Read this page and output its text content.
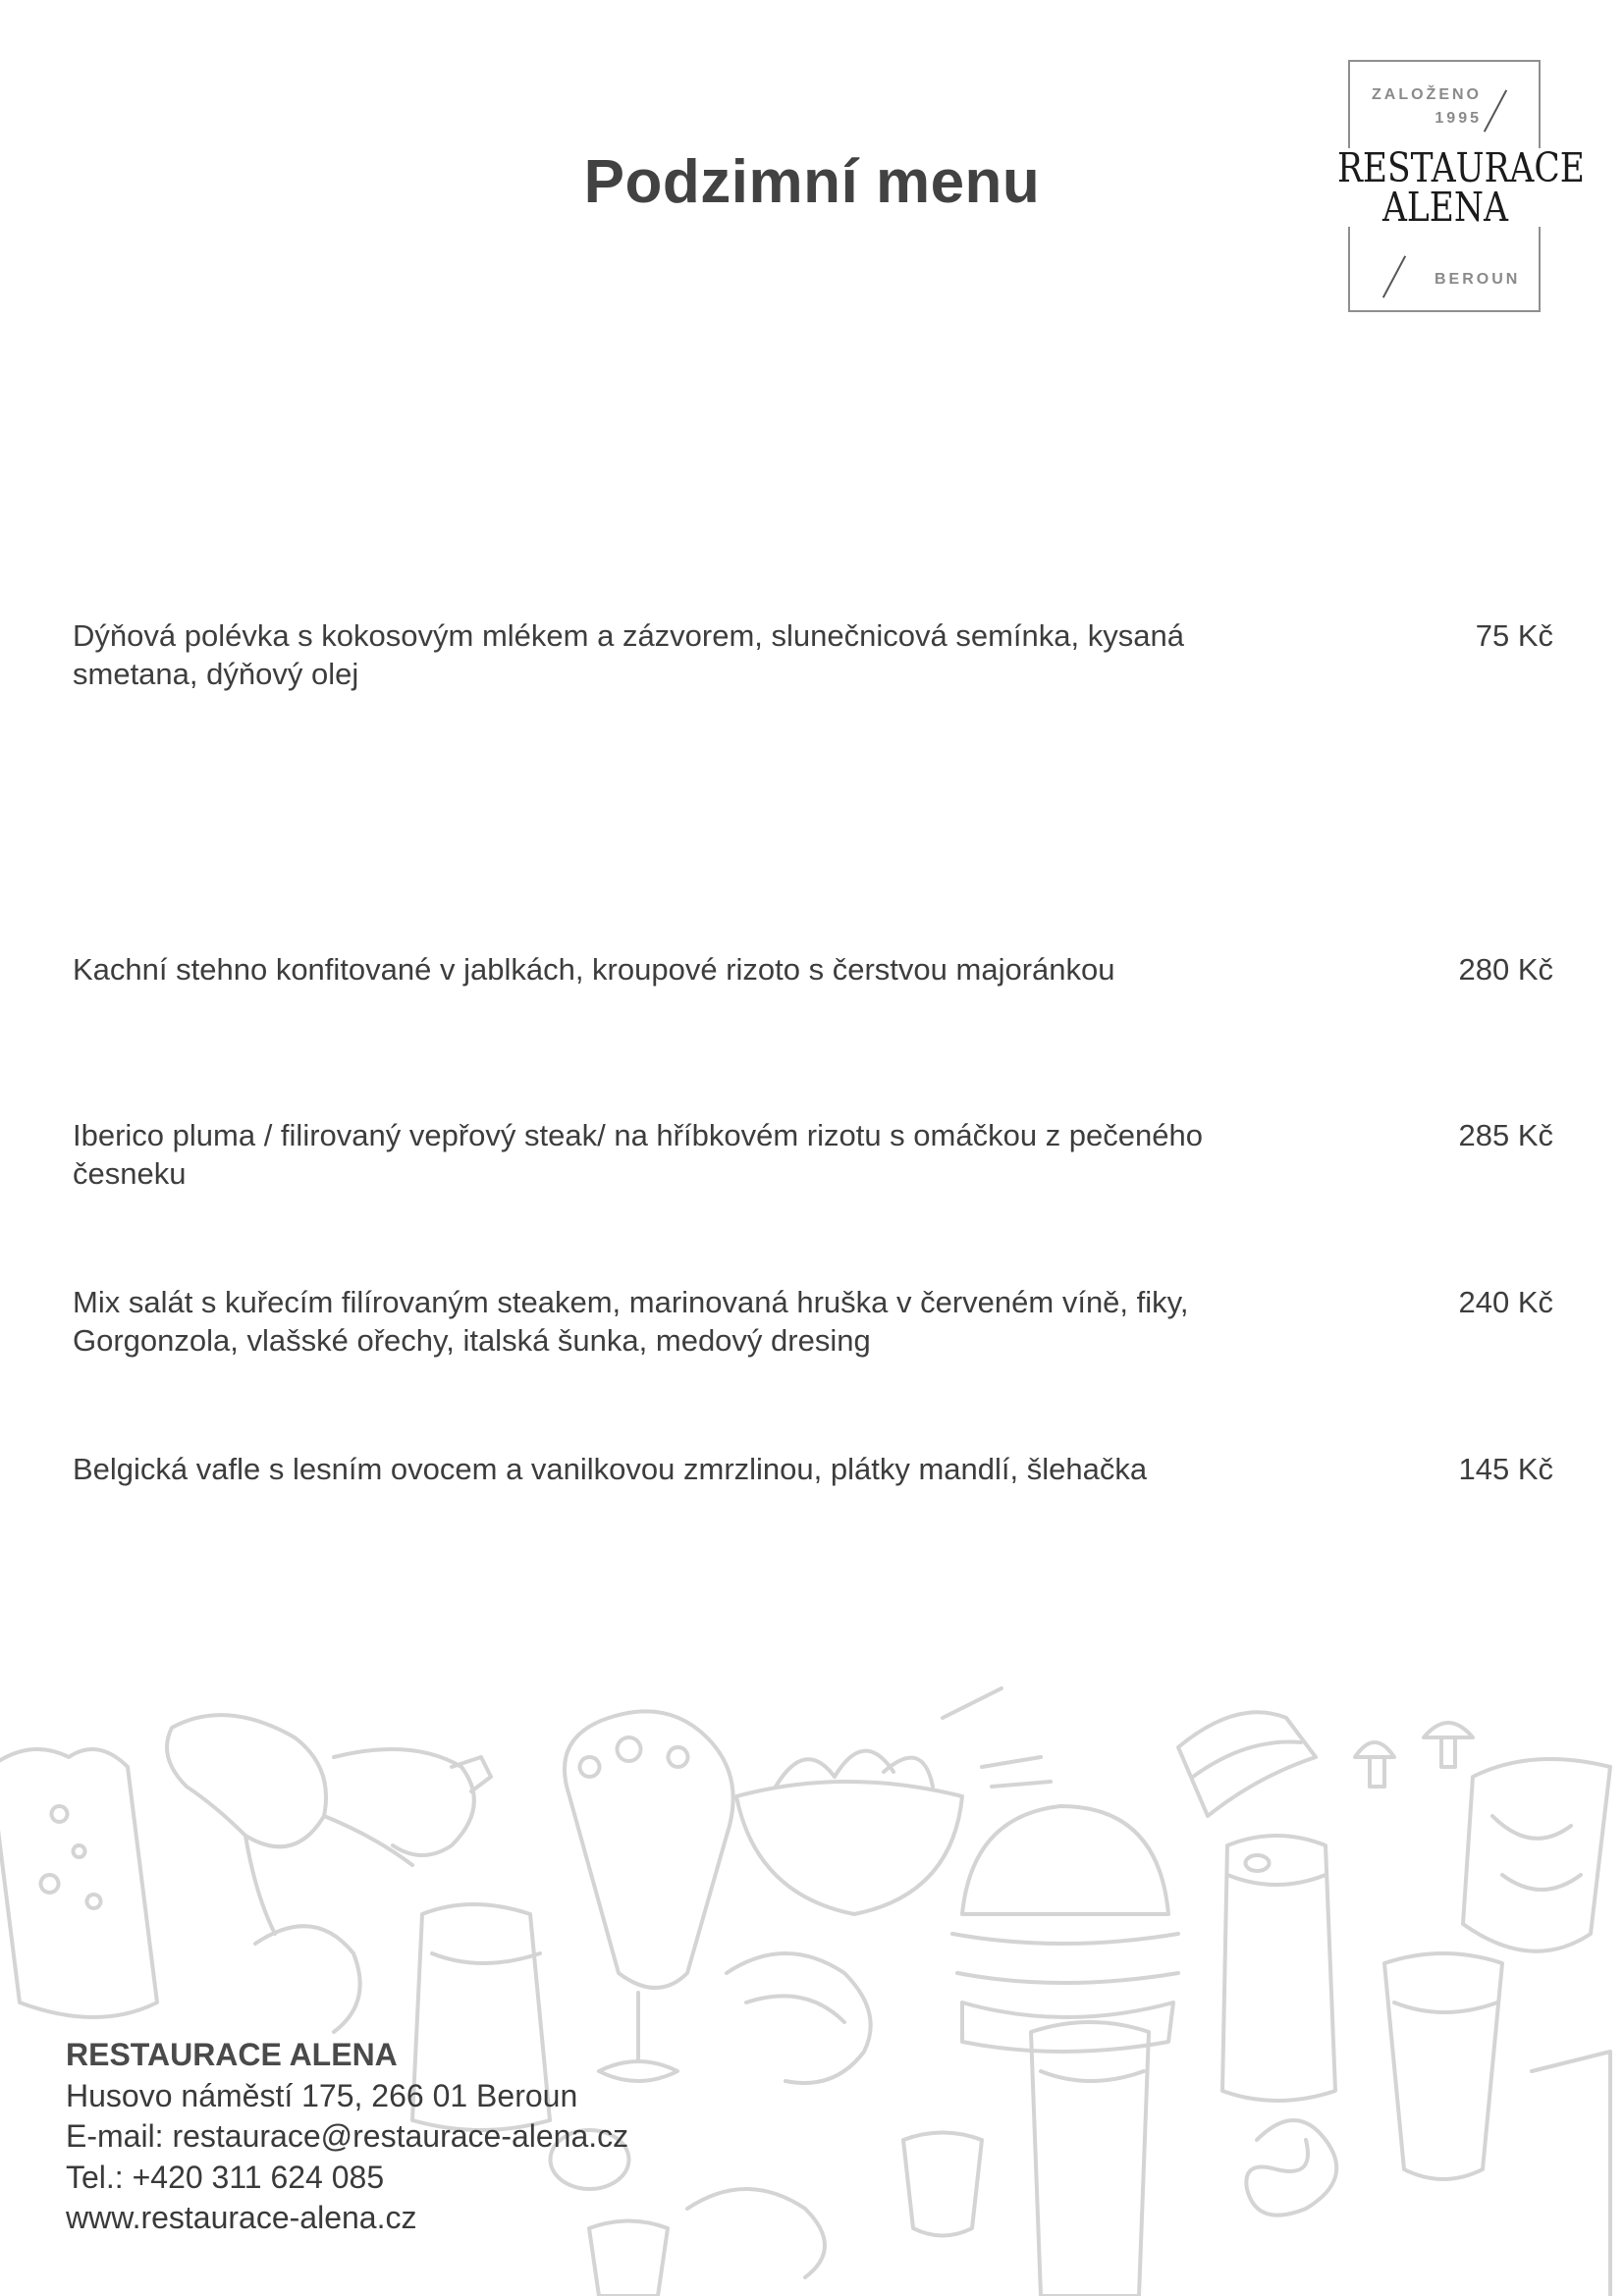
Podzimní menu
ZALOŽENO
1995
RESTAURACE
ALENA
BEROUN
Dýňová polévka s kokosovým mlékem a zázvorem, slunečnicová semínka, kysaná smetana, dýňový olej
75 Kč
Kachní stehno konfitované v jablkách, kroupové rizoto s čerstvou majoránkou	280 Kč
Iberico pluma / filirovaný vepřový steak/ na hříbkovém rizotu s omáčkou z pečeného česneku
285 Kč
Mix salát s kuřecím filírovaným steakem, marinovaná hruška v červeném víně, fiky, Gorgonzola, vlašské ořechy, italská šunka, medový dresing
240 Kč
Belgická vafle s lesním ovocem a vanilkovou zmrzlinou, plátky mandlí, šlehačka	145 Kč
RESTAURACE ALENA
Husovo náměstí 175, 266 01 Beroun
E-mail: restaurace@restaurace-alena.cz
Tel.: +420 311 624 085
www.restaurace-alena.cz
